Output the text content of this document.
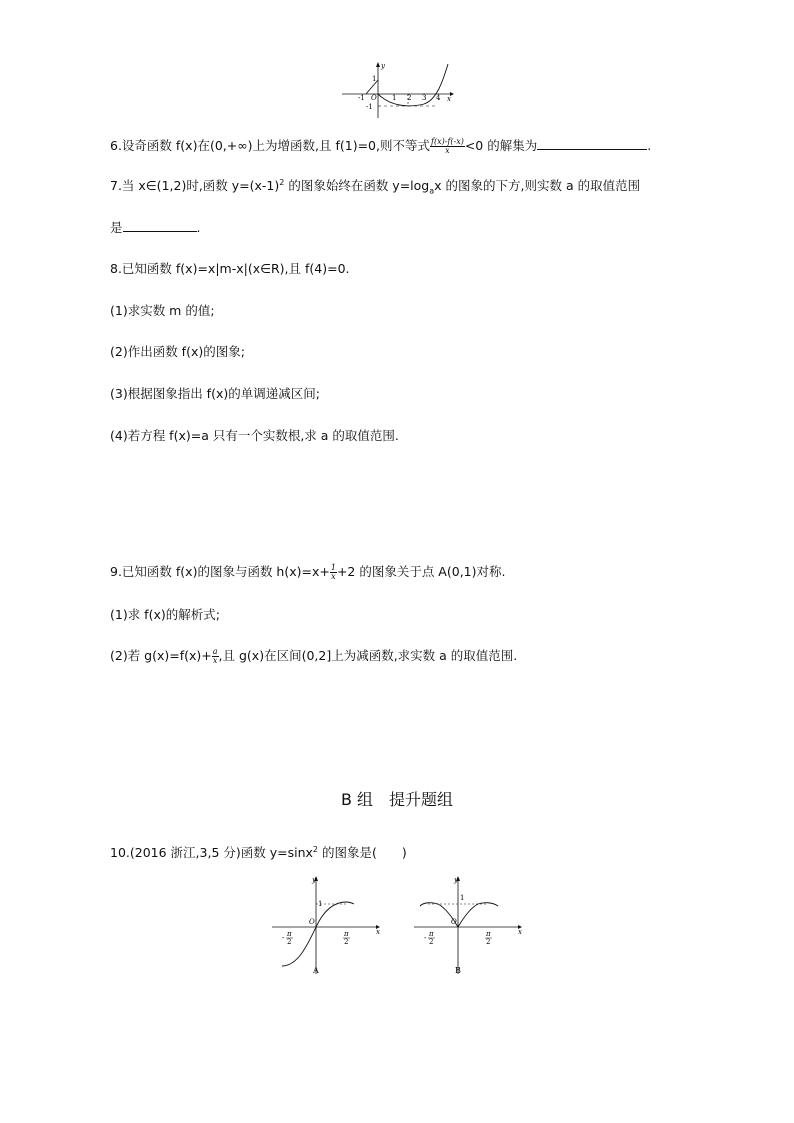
y
x
O
-1	1 2 3 4
1
-1
6.设奇函数 f(x)在(0,+∞)上为增函数,且 f(1)=0,则不等式 $\frac{f(x)-f(-x)}{x} <0$ 的解集为	.
7.当 x∈(1,2)时,函数 $y=(x-1)^2$ 的图象始终在函数 $y=\log_ax$ 的图象的下方,则实数 a 的取值范围
是	.
8.已知函数 f(x)=x|m-x|(x∈R),且 f(4)=0.
(1)求实数 m 的值;
(2)作出函数 f(x)的图象;
(3)根据图象指出 f(x)的单调递减区间;
(4)若方程 f(x)=a 只有一个实数根,求 a 的取值范围.
9.已知函数 f(x)的图象与函数 $h(x)=x+ \frac{1}{x} +2$ 的图象关于点 A(0,1)对称.
(1)求 f(x)的解析式;
(2)若 $g(x)=f(x)+ \frac{a}{x}$ ,且 g(x)在区间(0,2]上为减函数,求实数 a 的取值范围.
B 组　提升题组
10.(2016 浙江,3,5 分)函数 y=sinx$^2$ 的图象是(　　)
y
x
O
1
- π
2
π
2
A
y
x
O
1
- π
2
π
2
B
